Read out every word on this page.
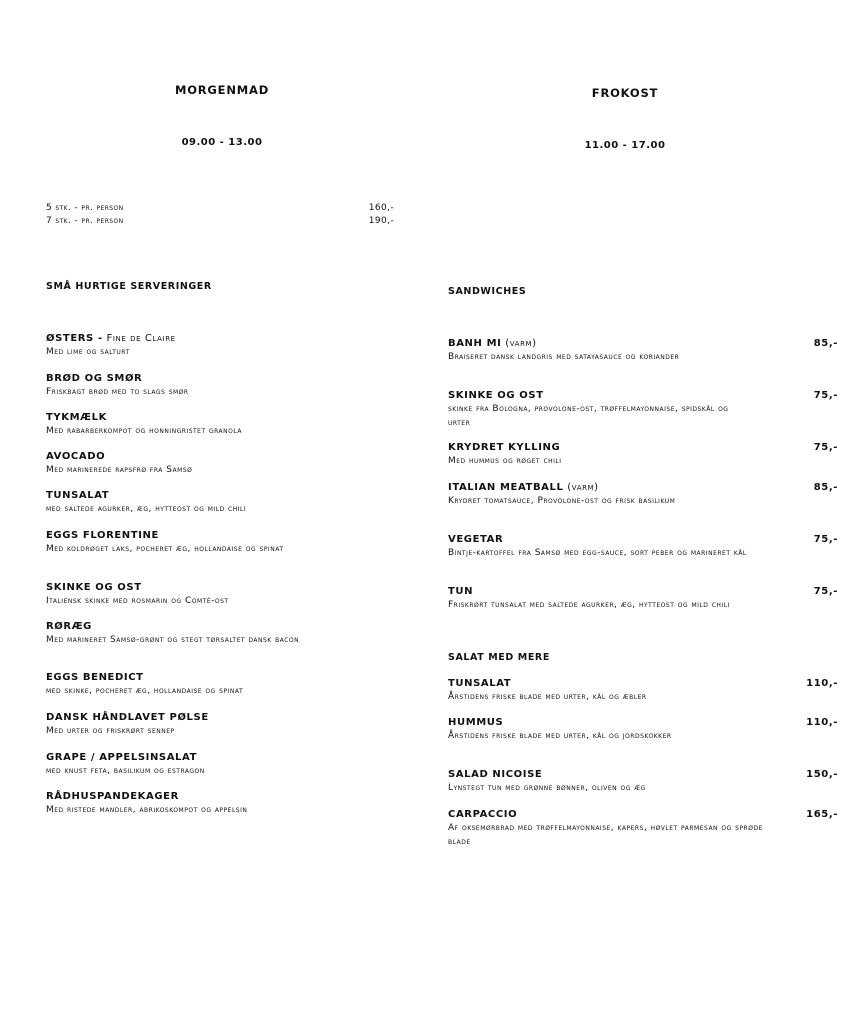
MORGENMAD
09.00 - 13.00
5 stk. - pr. person	160,-
7 stk. - pr. person	190,-
SMÅ HURTIGE SERVERINGER
ØSTERS - Fine de Claire
Med lime og salturt
BRØD OG SMØR
Friskbagt brød med to slags smør
TYKMÆLK
Med rabarberkompot og honningristet granola
AVOCADO
Med marinerede rapsfrø fra Samsø
TUNSALAT
med saltede agurker, æg, hytteost og mild chili
EGGS FLORENTINE
Med koldrøget laks, pocheret æg, hollandaise og spinat
SKINKE OG OST
Italiensk skinke med rosmarin og Comté-ost
RØRÆG
Med marineret Samsø-grønt og stegt tørsaltet dansk bacon
EGGS BENEDICT
med skinke, pocheret æg, hollandaise og spinat
DANSK HÅNDLAVET PØLSE
Med urter og friskrørt sennep
GRAPE / APPELSINSALAT
med knust feta, basilikum og estragon
RÅDHUSPANDEKAGER
Med ristede mandler, abrikoskompot og appelsin
FROKOST
11.00 - 17.00
SANDWICHES
BANH MI (varm)	85,-
Braiseret dansk landgris med satayasauce og koriander
SKINKE OG OST	75,-
skinke fra Bologna, provolone-ost, trøffelmayonnaise, spidskål og urter
KRYDRET KYLLING	75,-
Med hummus og røget chili
ITALIAN MEATBALL (varm)	85,-
Krydret tomatsauce, Provolone-ost og frisk basilikum
VEGETAR	75,-
Bintje-kartoffel fra Samsø med egg-sauce, sort peber og marineret kål
TUN	75,-
Friskrørt tunsalat med saltede agurker, æg, hytteost og mild chili
SALAT MED MERE
TUNSALAT	110,-
Årstidens friske blade med urter, kål og æbler
HUMMUS	110,-
Årstidens friske blade med urter, kål og jordskokker
SALAD NICOISE	150,-
Lynstegt tun med grønne bønner, oliven og æg
CARPACCIO	165,-
Af oksemørbrad med trøffelmayonnaise, kapers, høvlet parmesan og sprøde blade
